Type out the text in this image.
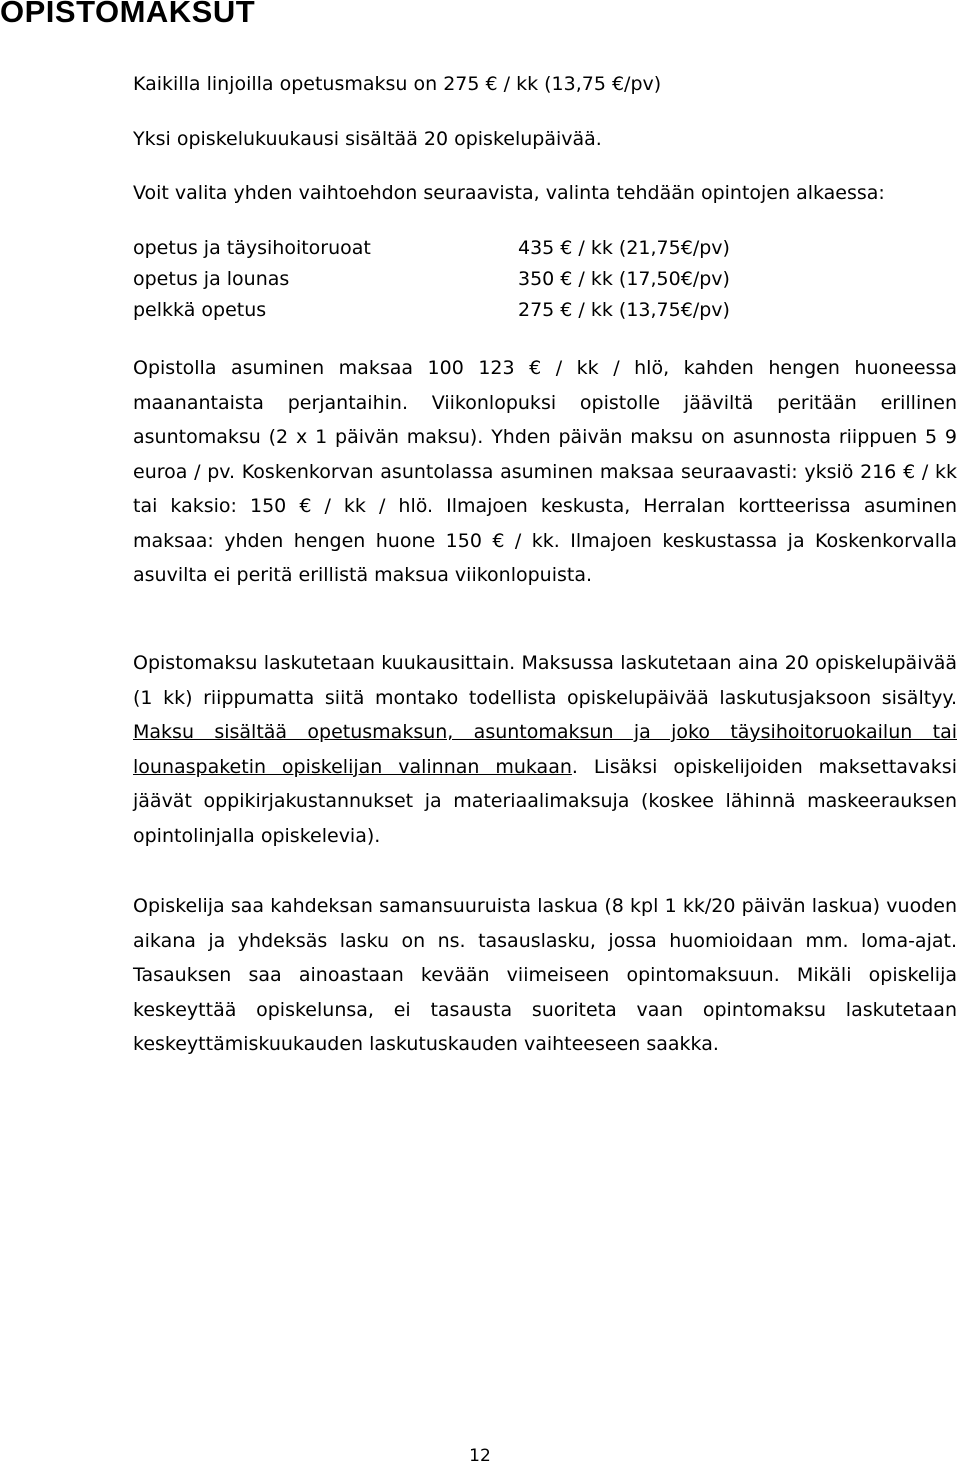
OPISTOMAKSUT

Kaikilla linjoilla opetusmaksu on 275 € / kk (13,75 €/pv)

Yksi opiskelukuukausi sisältää 20 opiskelupäivää.

Voit valita yhden vaihtoehdon seuraavista, valinta tehdään opintojen alkaessa:

opetus ja täysihoitoruoat	435 € / kk (21,75€/pv)
opetus ja lounas	350 € / kk (17,50€/pv)
pelkkä opetus	275 € / kk (13,75€/pv)

Opistolla asuminen maksaa 100 123 € / kk / hlö, kahden hengen huoneessa maanantaista perjantaihin. Viikonlopuksi opistolle jääviltä peritään erillinen asuntomaksu (2 x 1 päivän maksu). Yhden päivän maksu on asunnosta riippuen 5 9 euroa / pv. Koskenkorvan asuntolassa asuminen maksaa seuraavasti: yksiö 216 € / kk tai kaksio: 150 € / kk / hlö. Ilmajoen keskusta, Herralan kortteerissa asuminen maksaa: yhden hengen huone 150 € / kk. Ilmajoen keskustassa ja Koskenkorvalla asuvilta ei peritä erillistä maksua viikonlopuista.

Opistomaksu laskutetaan kuukausittain. Maksussa laskutetaan aina 20 opiskelupäivää (1 kk) riippumatta siitä montako todellista opiskelupäivää laskutusjaksoon sisältyy. Maksu sisältää opetusmaksun, asuntomaksun ja joko täysihoitoruokailun tai lounaspaketin opiskelijan valinnan mukaan. Lisäksi opiskelijoiden maksettavaksi jäävät oppikirjakustannukset ja materiaalimaksuja (koskee lähinnä maskeerauksen opintolinjalla opiskelevia).

Opiskelija saa kahdeksan samansuuruista laskua (8 kpl 1 kk/20 päivän laskua) vuoden aikana ja yhdeksäs lasku on ns. tasauslasku, jossa huomioidaan mm. loma-ajat. Tasauksen saa ainoastaan kevään viimeiseen opintomaksuun. Mikäli opiskelija keskeyttää opiskelunsa, ei tasausta suoriteta vaan opintomaksu laskutetaan keskeyttämiskuukauden laskutuskauden vaihteeseen saakka.

12
